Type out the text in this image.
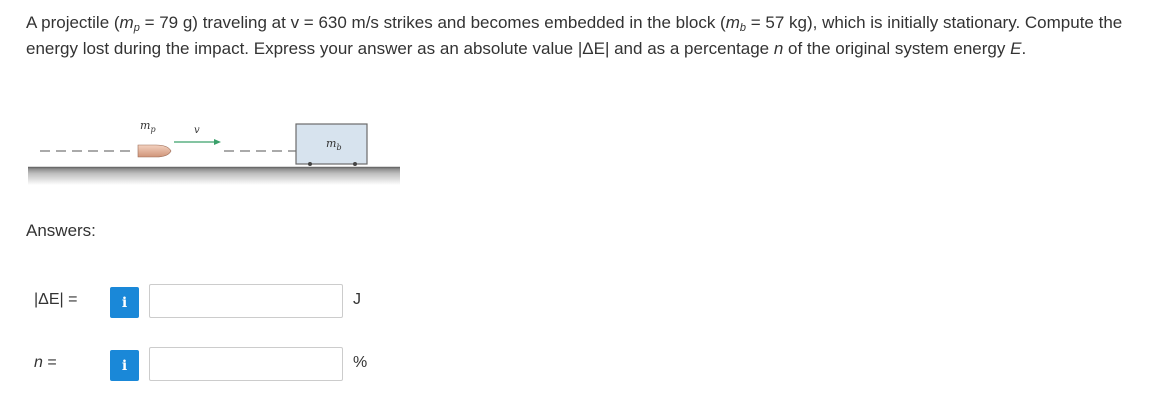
A projectile ($m_p = 79$ g) traveling at v = 630 m/s strikes and becomes embedded in the block ($m_b = 57$ kg), which is initially stationary. Compute the energy lost during the impact. Express your answer as an absolute value |ΔE| and as a percentage n of the original system energy E.
$m_p$	v
$m_b$
Answers:
|ΔE| =	i	J
n =	i	%
